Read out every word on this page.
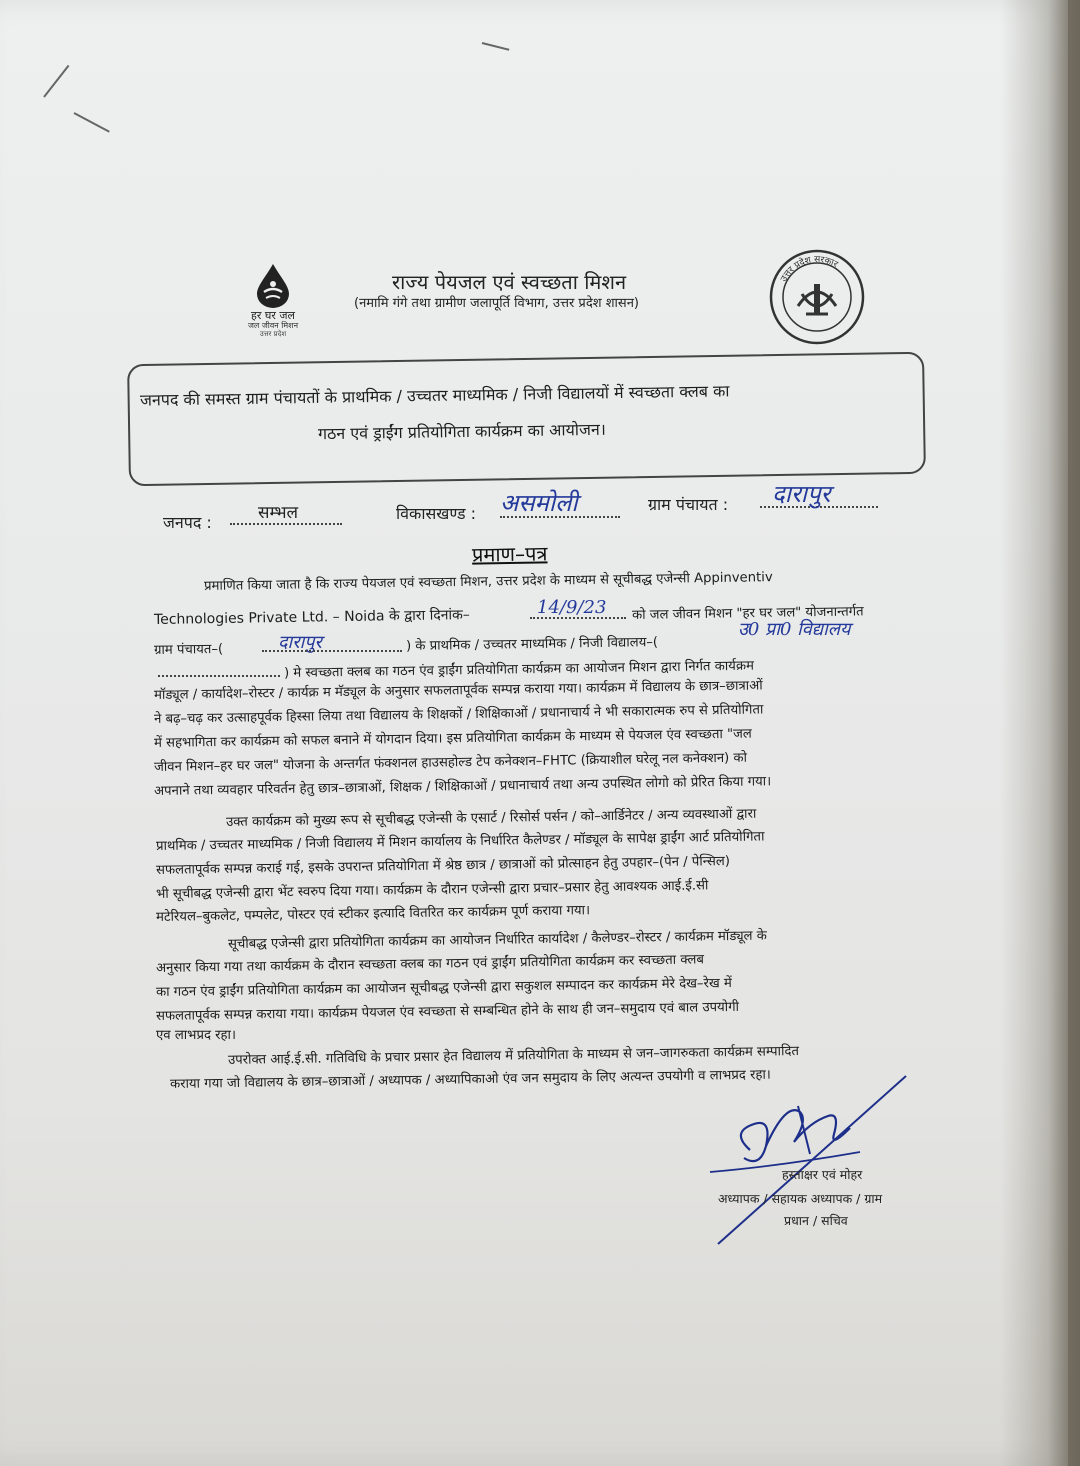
हर घर जल
जल जीवन मिशन
उत्तर प्रदेश
उत्तर प्रदेश सरकार
राज्य पेयजल एवं स्वच्छता मिशन
(नमामि गंगे तथा ग्रामीण जलापूर्ति विभाग, उत्तर प्रदेश शासन)
जनपद की समस्त ग्राम पंचायतों के प्राथमिक / उच्चतर माध्यमिक / निजी विद्यालयों में स्वच्छता क्लब का
गठन एवं ड्राईंग प्रतियोगिता कार्यक्रम का आयोजन।
जनपद :	सम्भल	विकासखण्ड : असमोली	ग्राम पंचायत : दारापुर
प्रमाण–पत्र
प्रमाणित किया जाता है कि राज्य पेयजल एवं स्वच्छता मिशन, उत्तर प्रदेश के माध्यम से सूचीबद्ध एजेन्सी Appinventiv
Technologies Private Ltd. – Noida के द्वारा दिनांक–	14/9/23 को जल जीवन मिशन "हर घर जल" योजनान्तर्गत
ग्राम पंचायत–(	दारापुर	) के प्राथमिक / उच्चतर माध्यमिक / निजी विद्यालय–(
उ0 प्रा0 विद्यालय
) मे स्वच्छता क्लब का गठन एंव ड्राईंग प्रतियोगिता कार्यक्रम का आयोजन मिशन द्वारा निर्गत कार्यक्रम
मॉड्यूल / कार्यादेश–रोस्टर / कार्यक्र म मॅड्यूल के अनुसार सफलतापूर्वक सम्पन्न कराया गया। कार्यक्रम में विद्यालय के छात्र–छात्राओं
ने बढ़–चढ़ कर उत्साहपूर्वक हिस्सा लिया तथा विद्यालय के शिक्षकों / शिक्षिकाओं / प्रधानाचार्य ने भी सकारात्मक रुप से प्रतियोगिता
में सहभागिता कर कार्यक्रम को सफल बनाने में योगदान दिया। इस प्रतियोगिता कार्यक्रम के माध्यम से पेयजल एंव स्वच्छता "जल
जीवन मिशन–हर घर जल" योजना के अन्तर्गत फंक्शनल हाउसहोल्ड टेप कनेक्शन–FHTC (क्रियाशील घरेलू नल कनेक्शन) को
अपनाने तथा व्यवहार परिवर्तन हेतु छात्र–छात्राओं, शिक्षक / शिक्षिकाओं / प्रधानाचार्य तथा अन्य उपस्थित लोगो को प्रेरित किया गया।
उक्त कार्यक्रम को मुख्य रूप से सूचीबद्ध एजेन्सी के एसार्ट / रिसोर्स पर्सन / को–आर्डिनेटर / अन्य व्यवस्थाओं द्वारा
प्राथमिक / उच्चतर माध्यमिक / निजी विद्यालय में मिशन कार्यालय के निर्धारित कैलेण्डर / मॉड्यूल के सापेक्ष ड्राईंग आर्ट प्रतियोगिता
सफलतापूर्वक सम्पन्न कराई गई, इसके उपरान्त प्रतियोगिता में श्रेष्ठ छात्र / छात्राओं को प्रोत्साहन हेतु उपहार–(पेन / पेन्सिल)
भी सूचीबद्ध एजेन्सी द्वारा भेंट स्वरुप दिया गया। कार्यक्रम के दौरान एजेन्सी द्वारा प्रचार–प्रसार हेतु आवश्यक आई.ई.सी
मटेरियल–बुकलेट, पम्पलेट, पोस्टर एवं स्टीकर इत्यादि वितरित कर कार्यक्रम पूर्ण कराया गया।
सूचीबद्ध एजेन्सी द्वारा प्रतियोगिता कार्यक्रम का आयोजन निर्धारित कार्यादेश / कैलेण्डर–रोस्टर / कार्यक्रम मॉड्यूल के
अनुसार किया गया तथा कार्यक्रम के दौरान स्वच्छता क्लब का गठन एवं ड्राईंग प्रतियोगिता कार्यक्रम कर स्वच्छता क्लब
का गठन एंव ड्राईंग प्रतियोगिता कार्यक्रम का आयोजन सूचीबद्ध एजेन्सी द्वारा सकुशल सम्पादन कर कार्यक्रम मेरे देख–रेख में
सफलतापूर्वक सम्पन्न कराया गया। कार्यक्रम पेयजल एंव स्वच्छता से सम्बन्धित होने के साथ ही जन–समुदाय एवं बाल उपयोगी
एव लाभप्रद रहा।
उपरोक्त आई.ई.सी. गतिविधि के प्रचार प्रसार हेत विद्यालय में प्रतियोगिता के माध्यम से जन–जागरुकता कार्यक्रम सम्पादित
कराया गया जो विद्यालय के छात्र–छात्राओं / अध्यापक / अध्यापिकाओ एंव जन समुदाय के लिए अत्यन्त उपयोगी व लाभप्रद रहा।
हस्ताक्षर एवं मोहर
अध्यापक / सहायक अध्यापक / ग्राम
प्रधान / सचिव
